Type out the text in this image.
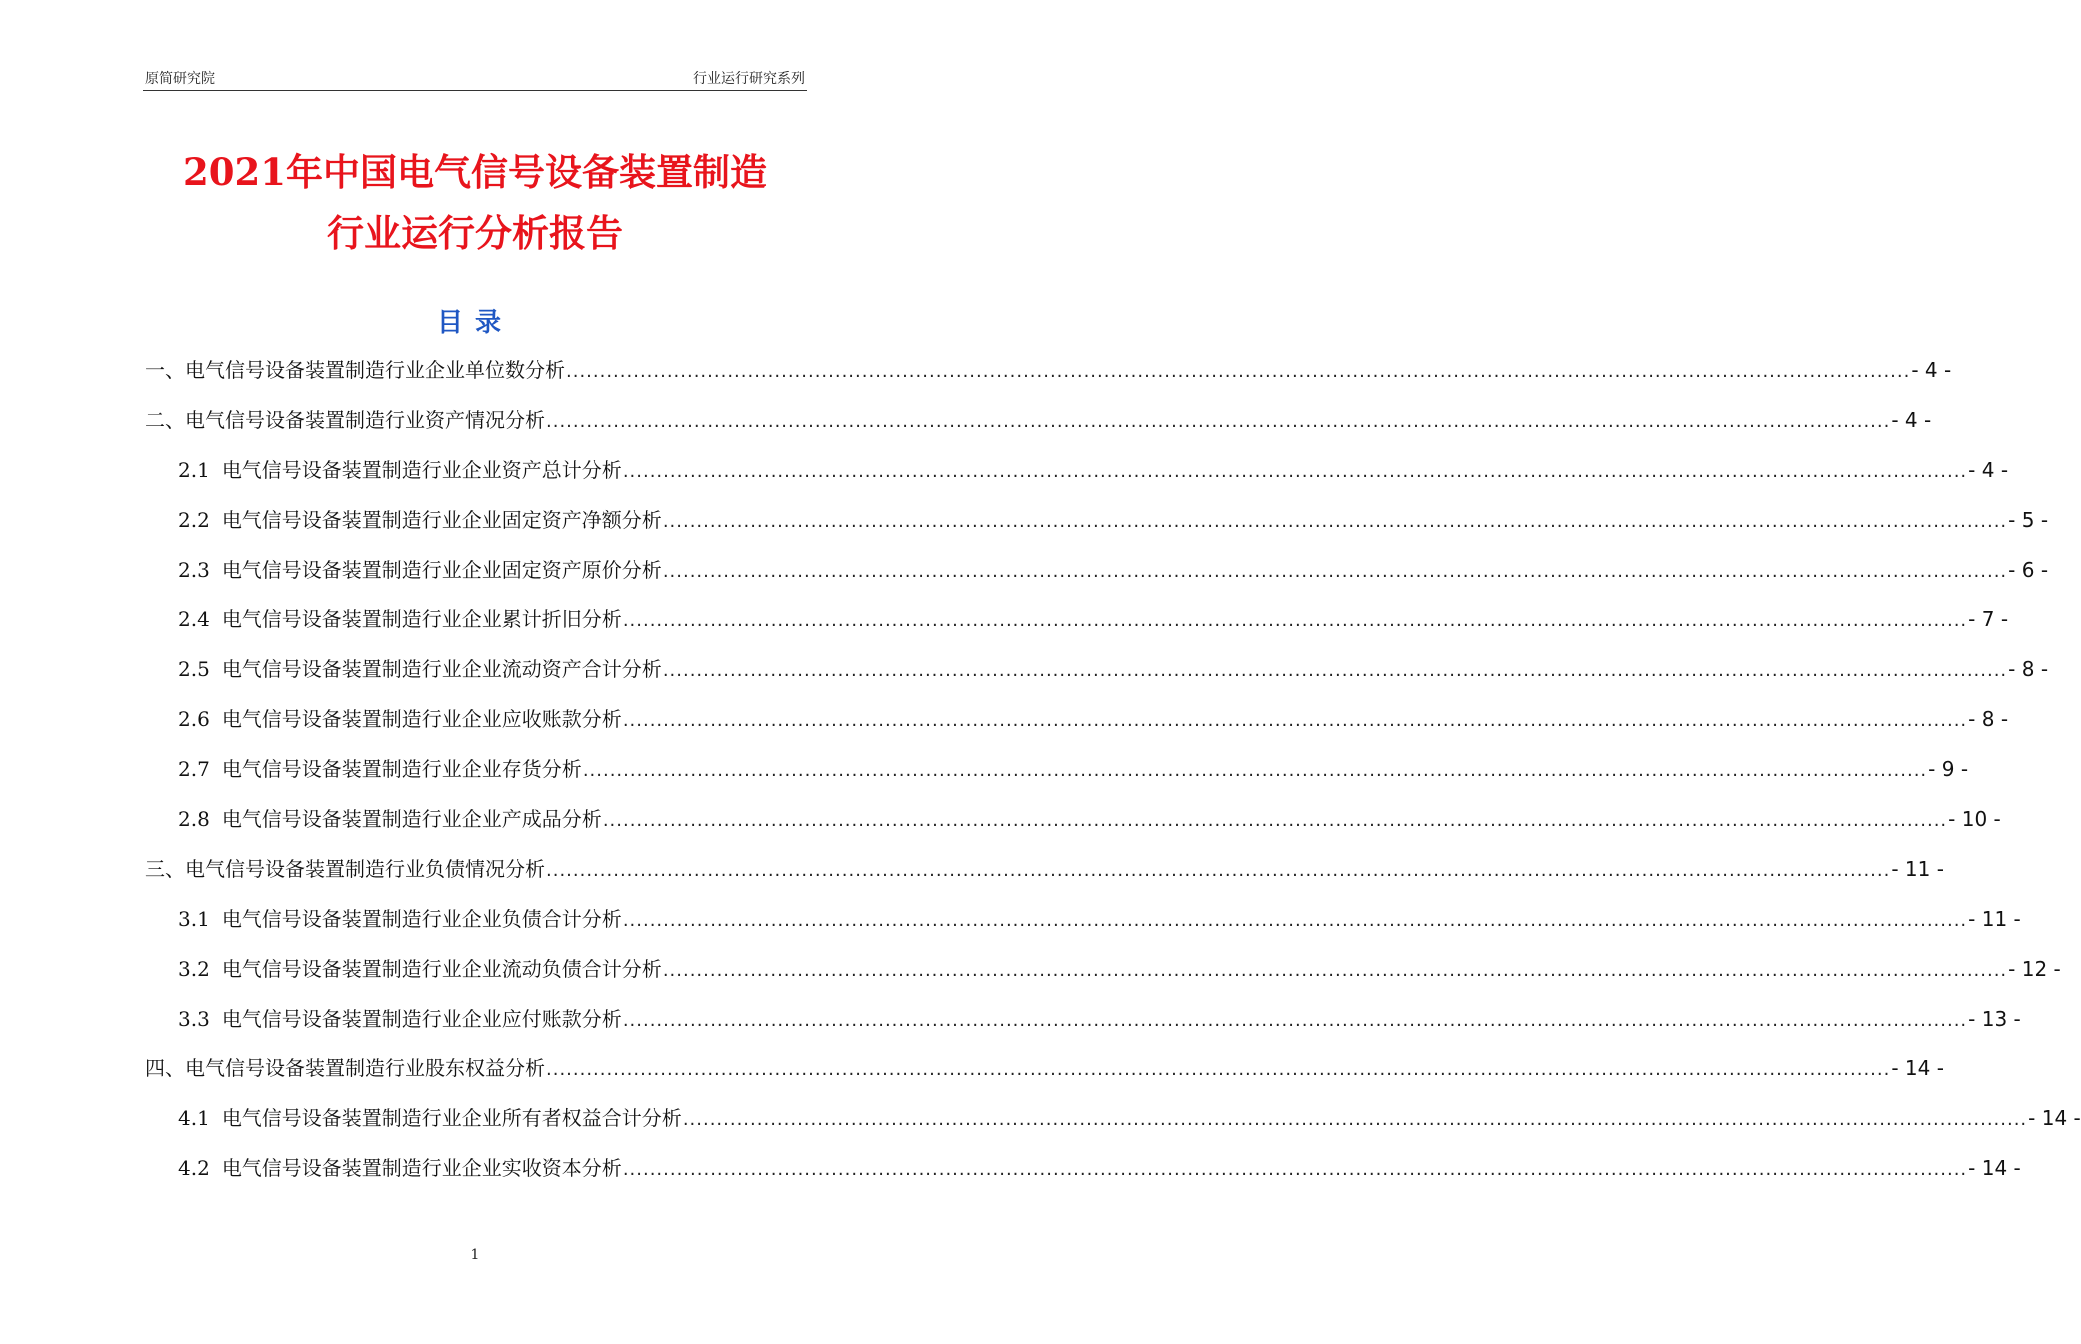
原简研究院	行业运行研究系列
2021年中国电气信号设备装置制造
行业运行分析报告
目录
一、电气信号设备装置制造行业企业单位数分析 ........................................................................................................................................................................................................ - 4 -
二、电气信号设备装置制造行业资产情况分析 ........................................................................................................................................................................................................ - 4 -
2.1 电气信号设备装置制造行业企业资产总计分析 ........................................................................................................................................................................................................ - 4 -
2.2 电气信号设备装置制造行业企业固定资产净额分析 ........................................................................................................................................................................................................ - 5 -
2.3 电气信号设备装置制造行业企业固定资产原价分析 ........................................................................................................................................................................................................ - 6 -
2.4 电气信号设备装置制造行业企业累计折旧分析 ........................................................................................................................................................................................................ - 7 -
2.5 电气信号设备装置制造行业企业流动资产合计分析 ........................................................................................................................................................................................................ - 8 -
2.6 电气信号设备装置制造行业企业应收账款分析 ........................................................................................................................................................................................................ - 8 -
2.7 电气信号设备装置制造行业企业存货分析 ........................................................................................................................................................................................................ - 9 -
2.8 电气信号设备装置制造行业企业产成品分析 ........................................................................................................................................................................................................ - 10 -
三、电气信号设备装置制造行业负债情况分析 ........................................................................................................................................................................................................ - 11 -
3.1 电气信号设备装置制造行业企业负债合计分析 ........................................................................................................................................................................................................ - 11 -
3.2 电气信号设备装置制造行业企业流动负债合计分析 ........................................................................................................................................................................................................ - 12 -
3.3 电气信号设备装置制造行业企业应付账款分析 ........................................................................................................................................................................................................ - 13 -
四、电气信号设备装置制造行业股东权益分析 ........................................................................................................................................................................................................ - 14 -
4.1 电气信号设备装置制造行业企业所有者权益合计分析 ........................................................................................................................................................................................................ - 14 -
4.2 电气信号设备装置制造行业企业实收资本分析 ........................................................................................................................................................................................................ - 14 -
1
